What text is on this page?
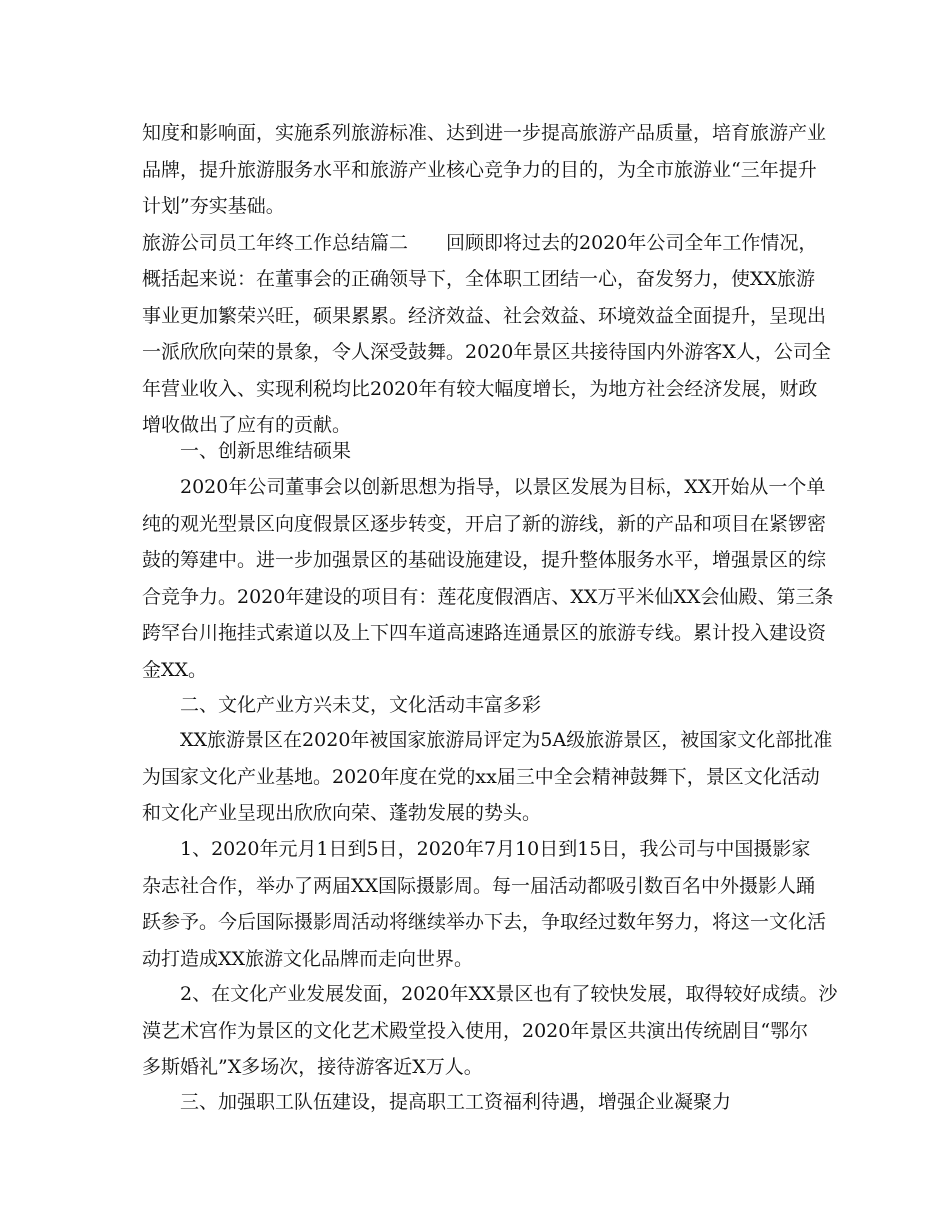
知度和影响面，实施系列旅游标准、达到进一步提高旅游产品质量，培育旅游产业
品牌，提升旅游服务水平和旅游产业核心竞争力的目的，为全市旅游业“三年提升
计划”夯实基础。
旅游公司员工年终工作总结篇二 回顾即将过去的2020年公司全年工作情况，
概括起来说：在董事会的正确领导下，全体职工团结一心，奋发努力，使XX旅游
事业更加繁荣兴旺，硕果累累。经济效益、社会效益、环境效益全面提升，呈现出
一派欣欣向荣的景象，令人深受鼓舞。2020年景区共接待国内外游客X人，公司全
年营业收入、实现利税均比2020年有较大幅度增长，为地方社会经济发展，财政
增收做出了应有的贡献。
一、创新思维结硕果
2020年公司董事会以创新思想为指导，以景区发展为目标，XX开始从一个单
纯的观光型景区向度假景区逐步转变，开启了新的游线，新的产品和项目在紧锣密
鼓的筹建中。进一步加强景区的基础设施建设，提升整体服务水平，增强景区的综
合竞争力。2020年建设的项目有：莲花度假酒店、XX万平米仙XX会仙殿、第三条
跨罕台川拖挂式索道以及上下四车道高速路连通景区的旅游专线。累计投入建设资
金XX。
二、文化产业方兴未艾，文化活动丰富多彩
XX旅游景区在2020年被国家旅游局评定为5A级旅游景区，被国家文化部批准
为国家文化产业基地。2020年度在党的xx届三中全会精神鼓舞下，景区文化活动
和文化产业呈现出欣欣向荣、蓬勃发展的势头。
1、2020年元月1日到5日，2020年7月10日到15日，我公司与中国摄影家
杂志社合作，举办了两届XX国际摄影周。每一届活动都吸引数百名中外摄影人踊
跃参予。今后国际摄影周活动将继续举办下去，争取经过数年努力，将这一文化活
动打造成XX旅游文化品牌而走向世界。
2、在文化产业发展发面，2020年XX景区也有了较快发展，取得较好成绩。沙
漠艺术宫作为景区的文化艺术殿堂投入使用，2020年景区共演出传统剧目“鄂尔
多斯婚礼”X多场次，接待游客近X万人。
三、加强职工队伍建设，提高职工工资福利待遇，增强企业凝聚力
